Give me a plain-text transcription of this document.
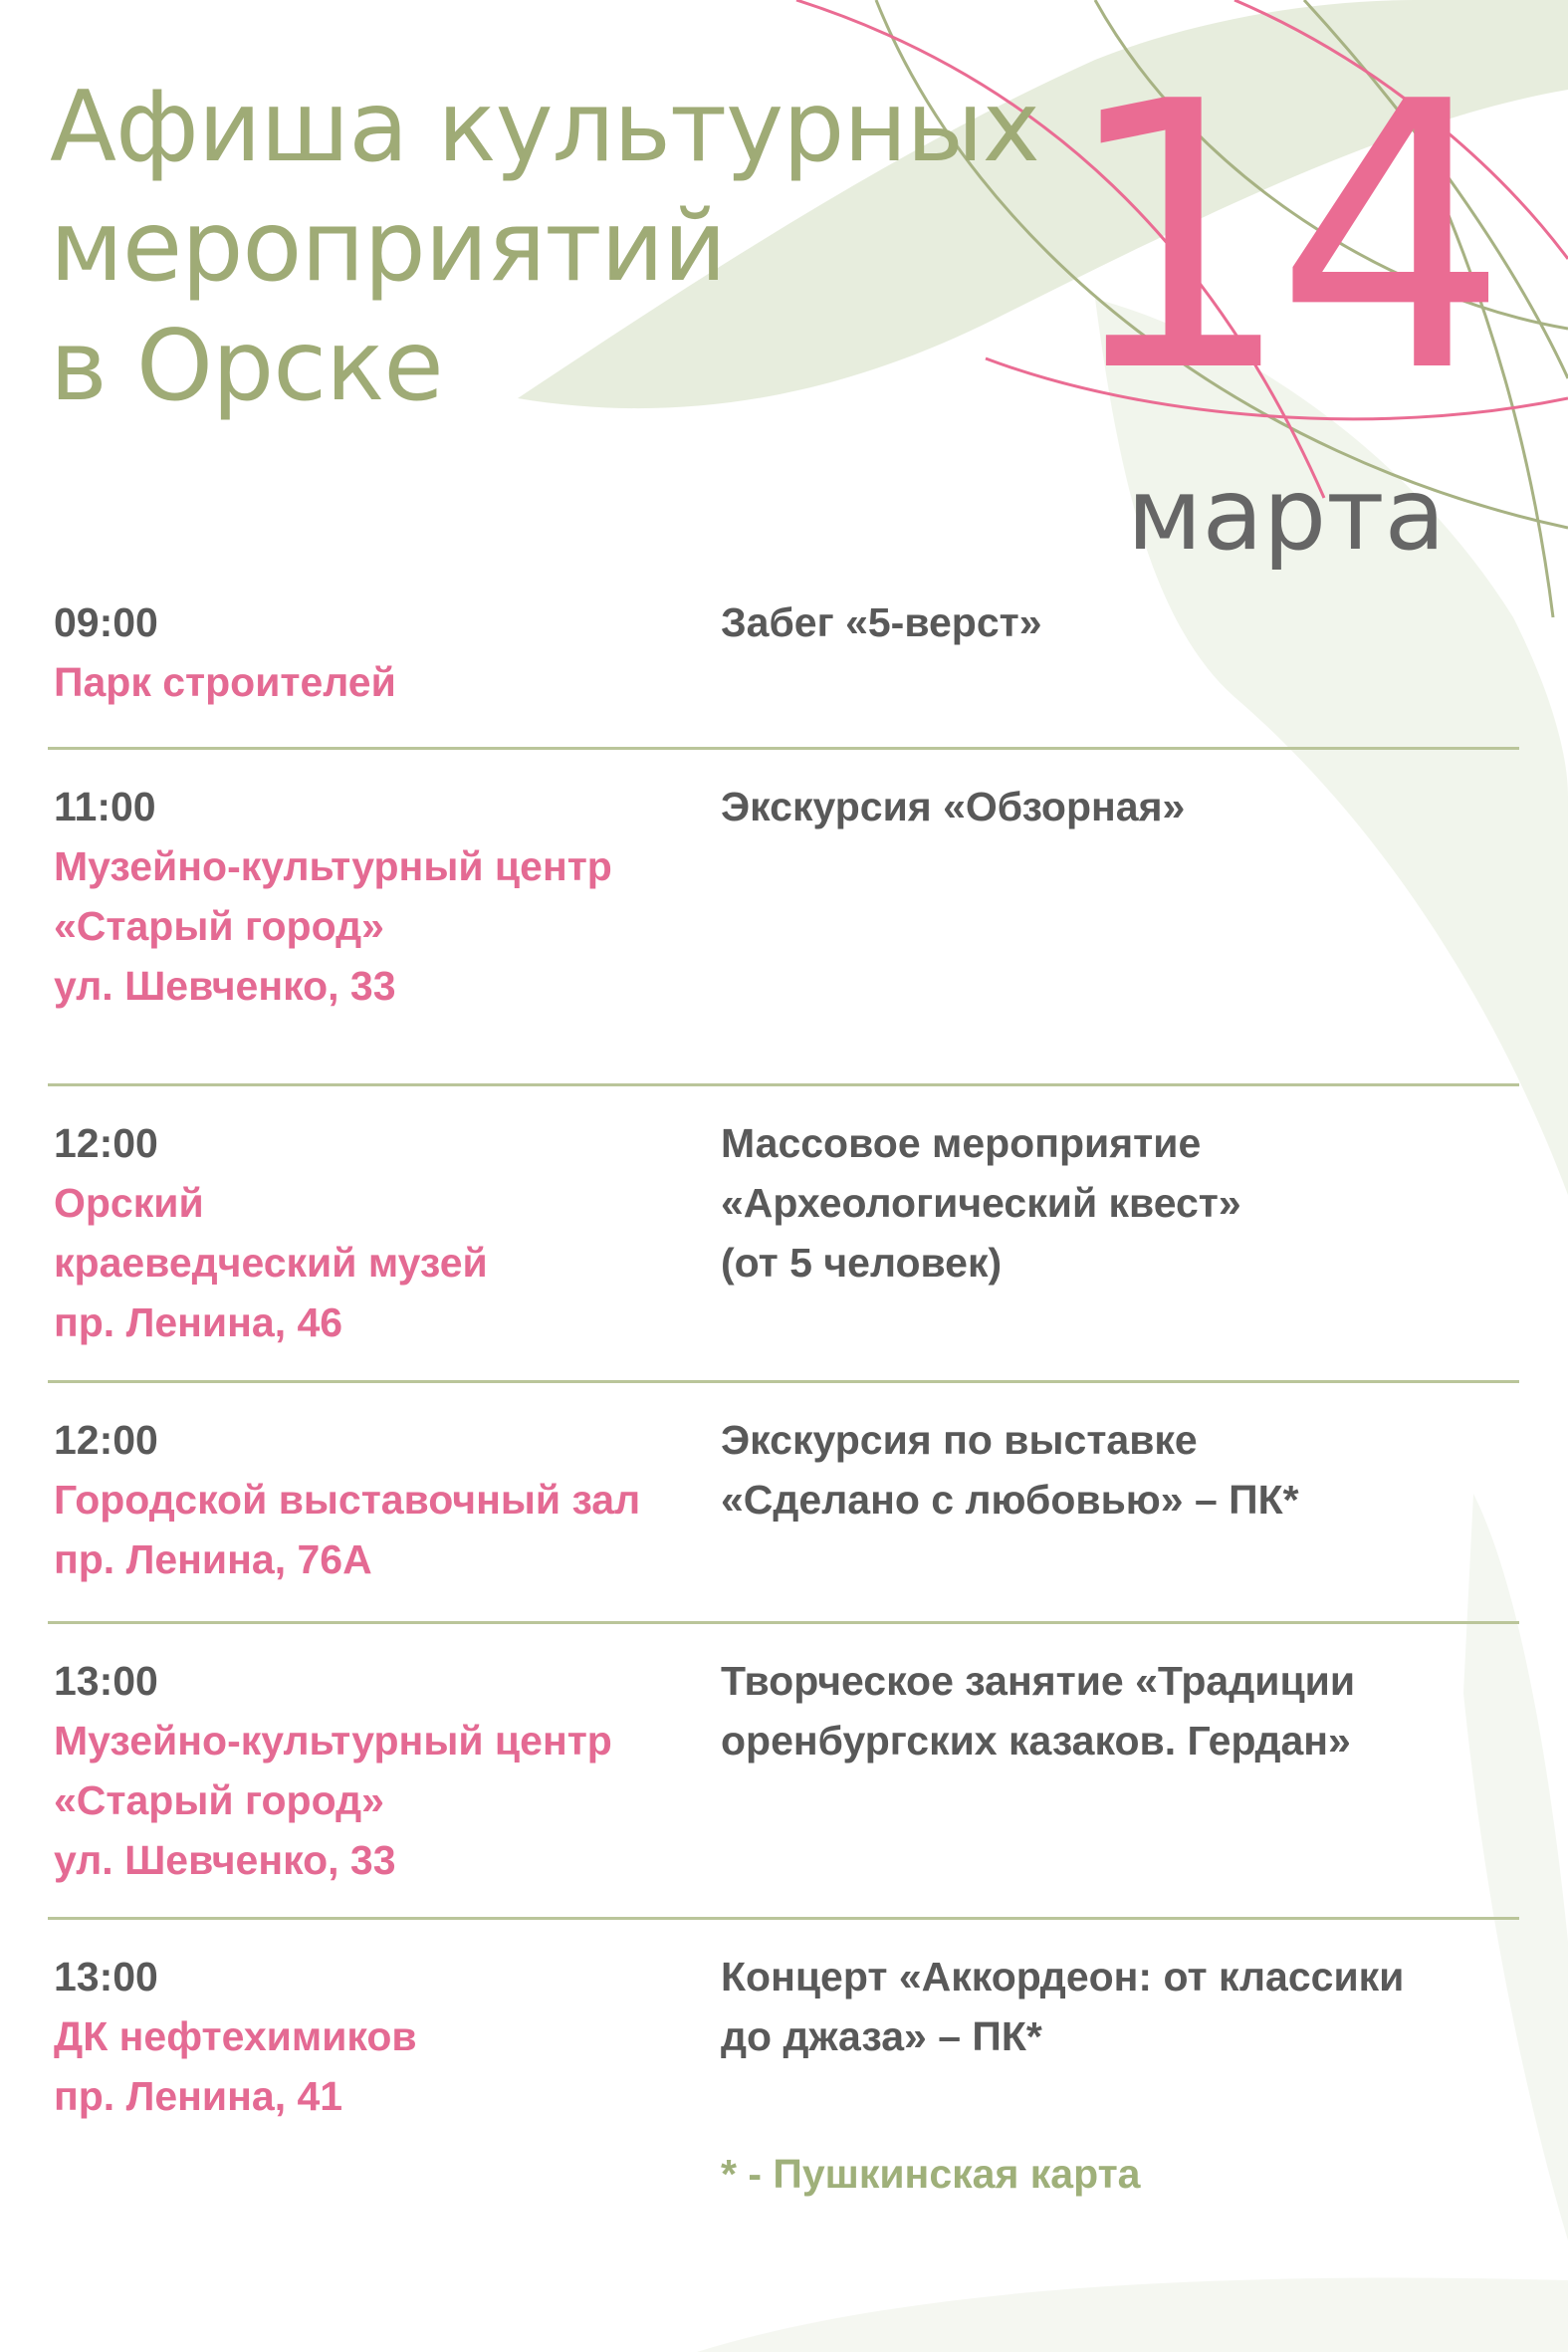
Афиша культурных
мероприятий
в Орске	14
марта
09:00
Парк строителей
Забег «5-верст»
11:00
Музейно-культурный центр
«Старый город»
ул. Шевченко, 33
Экскурсия «Обзорная»
12:00
Орский
краеведческий музей
пр. Ленина, 46
Массовое мероприятие
«Археологический квест»
(от 5 человек)
12:00
Городской выставочный зал
пр. Ленина, 76А
Экскурсия по выставке
«Сделано с любовью» – ПК*
13:00
Музейно-культурный центр
«Старый город»
ул. Шевченко, 33
Творческое занятие «Традиции
оренбургских казаков. Гердан»
13:00
ДК нефтехимиков
пр. Ленина, 41
Концерт «Аккордеон: от классики
до джаза» – ПК*
* - Пушкинская карта
